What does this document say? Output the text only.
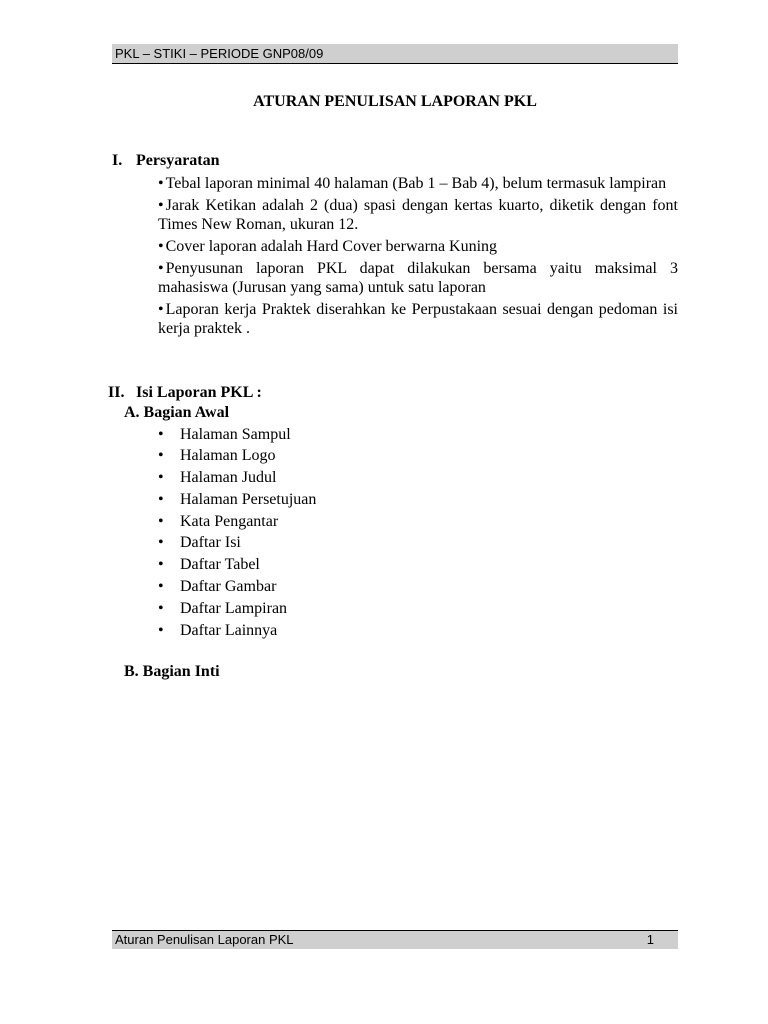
PKL – STIKI – PERIODE GNP08/09
ATURAN PENULISAN LAPORAN PKL
I. Persyaratan

• Tebal laporan minimal 40 halaman (Bab 1 – Bab 4), belum termasuk lampiran

• Jarak Ketikan adalah 2 (dua) spasi dengan kertas kuarto, diketik dengan font Times New Roman, ukuran 12.

• Cover laporan adalah Hard Cover berwarna Kuning

• Penyusunan laporan PKL dapat dilakukan bersama yaitu maksimal 3 mahasiswa (Jurusan yang sama) untuk satu laporan

• Laporan kerja Praktek diserahkan ke Perpustakaan sesuai dengan pedoman isi kerja praktek .

II. Isi Laporan PKL :
A. Bagian Awal
• Halaman Sampul
• Halaman Logo
• Halaman Judul
• Halaman Persetujuan
• Kata Pengantar
• Daftar Isi
• Daftar Tabel
• Daftar Gambar
• Daftar Lampiran
• Daftar Lainnya
B. Bagian Inti
Aturan Penulisan Laporan PKL	1
